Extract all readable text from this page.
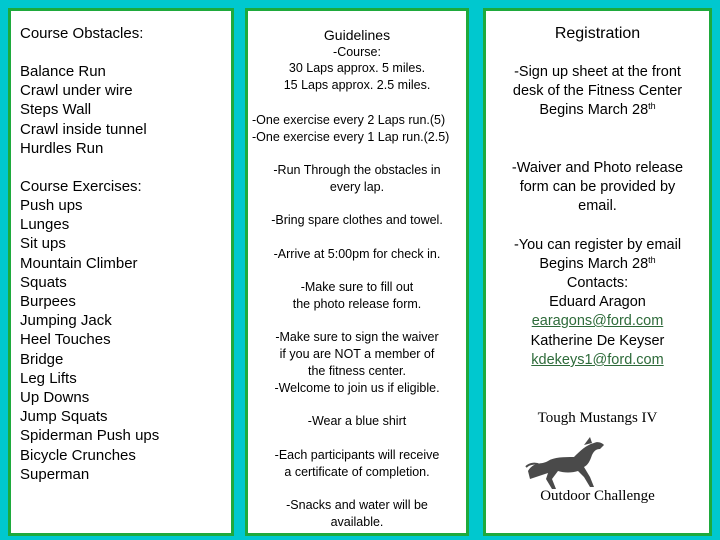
Course Obstacles:

Balance Run
Crawl under wire
Steps Wall
Crawl inside tunnel
Hurdles Run

Course Exercises:

Push ups
Lunges
Sit ups
Mountain Climber
Squats
Burpees
Jumping Jack
Heel Touches
Bridge
Leg Lifts
Up Downs
Jump Squats
Spiderman Push ups
Bicycle Crunches
Superman
Guidelines
-Course:
30 Laps approx. 5 miles.
15 Laps approx. 2.5 miles.
-One exercise every 2 Laps run.(5)
-One exercise every 1 Lap run.(2.5)
-Run Through the obstacles in
every lap.
-Bring spare clothes and towel.
-Arrive at 5:00pm for check in.
-Make sure to fill out
the photo release form.
-Make sure to sign the waiver
if you are NOT a member of
the fitness center.
-Welcome to join us if eligible.
-Wear a blue shirt
-Each participants will receive
a certificate of completion.
-Snacks and water will be
available.
Registration
-Sign up sheet at the front
desk of the Fitness Center
Begins March 28th
-Waiver and Photo release
form can be provided by
email.
-You can register by email
Begins March 28th
Contacts:
Eduard Aragon
earagons@ford.com
Katherine De Keyser
kdekeys1@ford.com
Tough Mustangs IV
Outdoor Challenge
